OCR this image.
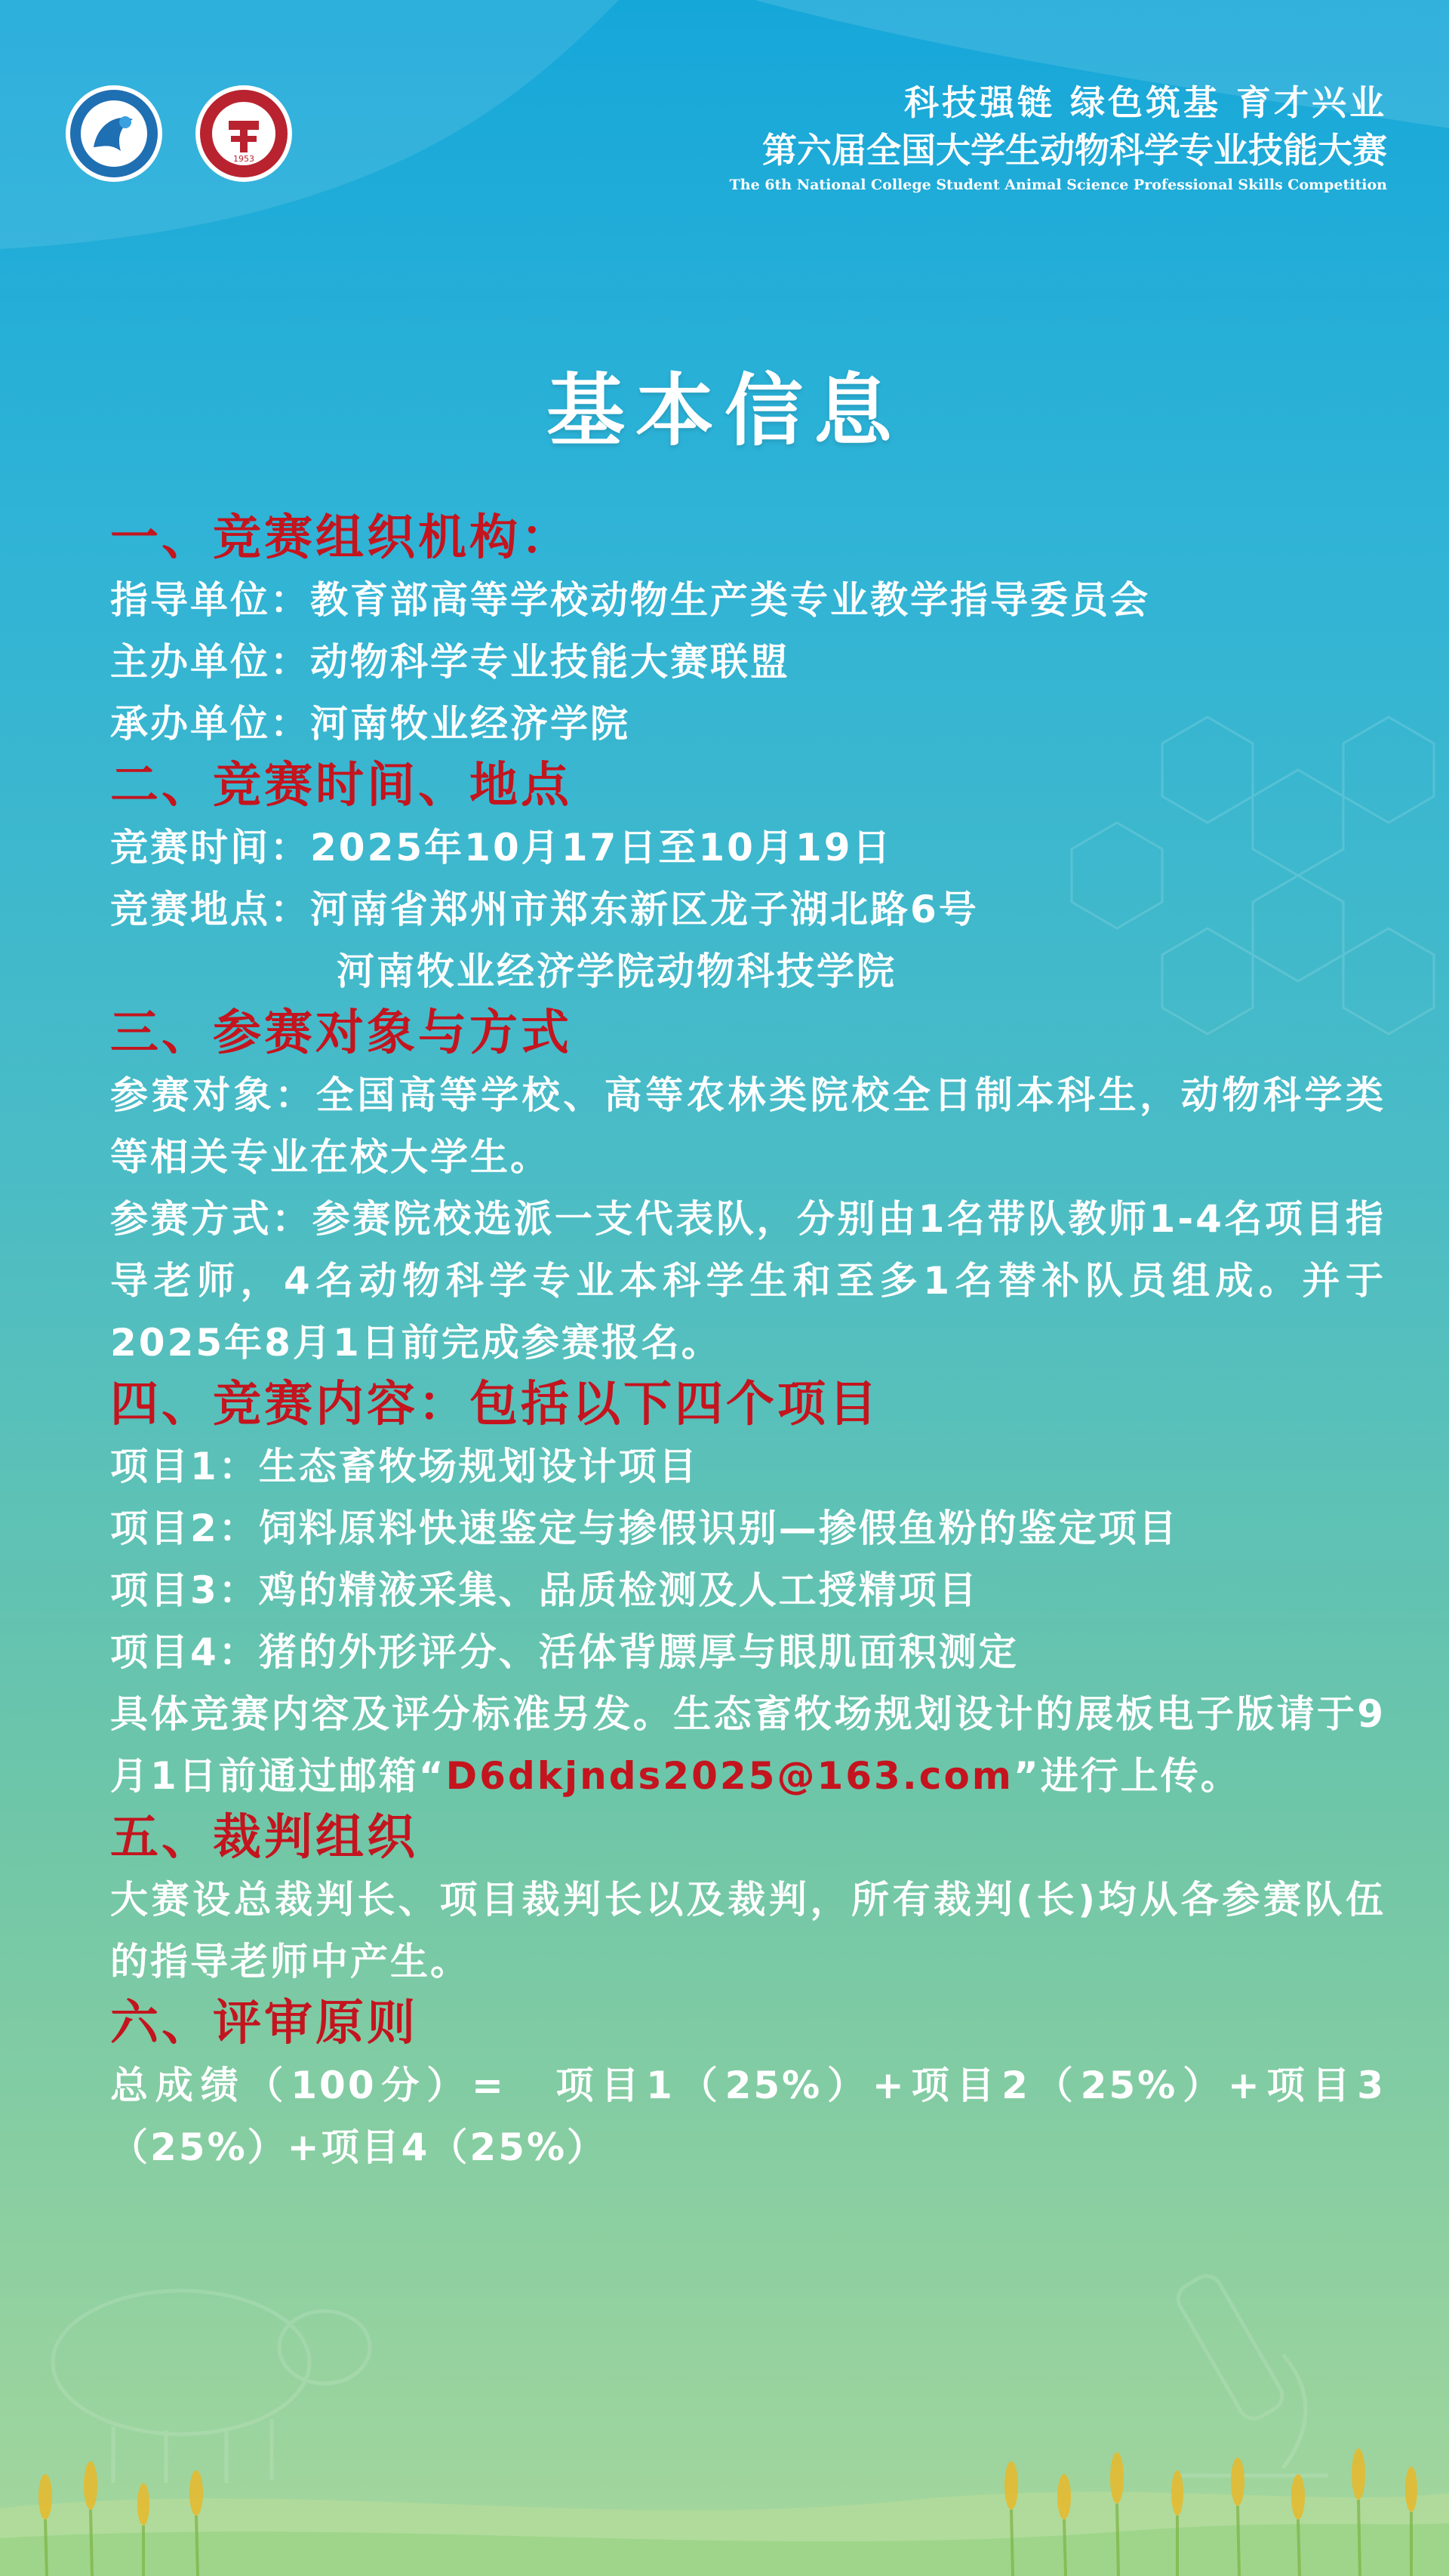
1953
科技强链 绿色筑基 育才兴业
第六届全国大学生动物科学专业技能大赛
The 6th National College Student Animal Science Professional Skills Competition
基本信息
一、竞赛组织机构：
指导单位：教育部高等学校动物生产类专业教学指导委员会
主办单位：动物科学专业技能大赛联盟
承办单位：河南牧业经济学院
二、竞赛时间、地点
竞赛时间：2025年10月17日至10月19日
竞赛地点：河南省郑州市郑东新区龙子湖北路6号
河南牧业经济学院动物科技学院
三、参赛对象与方式
参赛对象：全国高等学校、高等农林类院校全日制本科生，动物科学类等相关专业在校大学生。
参赛方式：参赛院校选派一支代表队，分别由1名带队教师1-4名项目指导老师，4名动物科学专业本科学生和至多1名替补队员组成。并于2025年8月1日前完成参赛报名。
四、竞赛内容：包括以下四个项目
项目1：生态畜牧场规划设计项目
项目2：饲料原料快速鉴定与掺假识别—掺假鱼粉的鉴定项目
项目3：鸡的精液采集、品质检测及人工授精项目
项目4：猪的外形评分、活体背膘厚与眼肌面积测定
具体竞赛内容及评分标准另发。生态畜牧场规划设计的展板电子版请于9月1日前通过邮箱“D6dkjnds2025@163.com”进行上传。
五、裁判组织
大赛设总裁判长、项目裁判长以及裁判，所有裁判(长)均从各参赛队伍的指导老师中产生。
六、评审原则
总成绩（100分）=　项目1（25%）+项目2（25%）+项目3（25%）+项目4（25%）
